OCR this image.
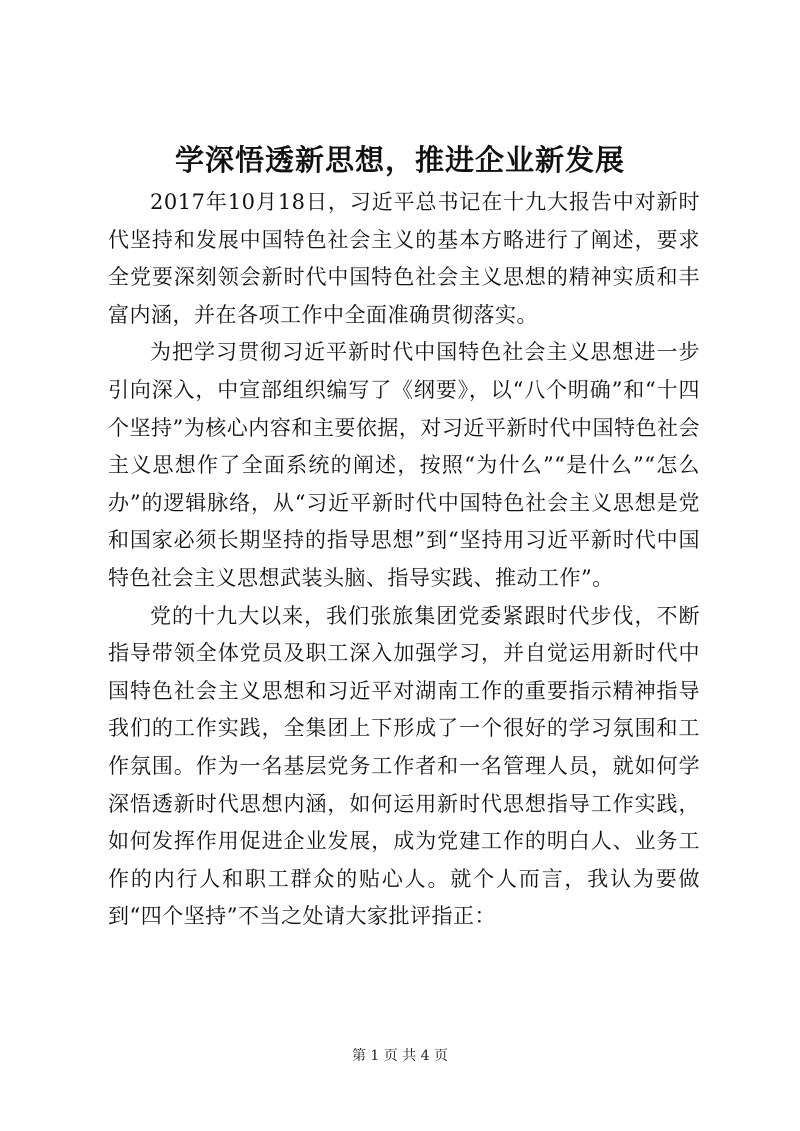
学深悟透新思想，推进企业新发展

2017年10月18日，习近平总书记在十九大报告中对新时代坚持和发展中国特色社会主义的基本方略进行了阐述，要求全党要深刻领会新时代中国特色社会主义思想的精神实质和丰富内涵，并在各项工作中全面准确贯彻落实。

为把学习贯彻习近平新时代中国特色社会主义思想进一步引向深入，中宣部组织编写了《纲要》，以“八个明确”和“十四个坚持”为核心内容和主要依据，对习近平新时代中国特色社会主义思想作了全面系统的阐述，按照“为什么”“是什么”“怎么办”的逻辑脉络，从“习近平新时代中国特色社会主义思想是党和国家必须长期坚持的指导思想”到“坚持用习近平新时代中国特色社会主义思想武装头脑、指导实践、推动工作”。

党的十九大以来，我们张旅集团党委紧跟时代步伐，不断指导带领全体党员及职工深入加强学习，并自觉运用新时代中国特色社会主义思想和习近平对湖南工作的重要指示精神指导我们的工作实践，全集团上下形成了一个很好的学习氛围和工作氛围。作为一名基层党务工作者和一名管理人员，就如何学深悟透新时代思想内涵，如何运用新时代思想指导工作实践，如何发挥作用促进企业发展，成为党建工作的明白人、业务工作的内行人和职工群众的贴心人。就个人而言，我认为要做到“四个坚持”不当之处请大家批评指正：

第 1 页 共 4 页
